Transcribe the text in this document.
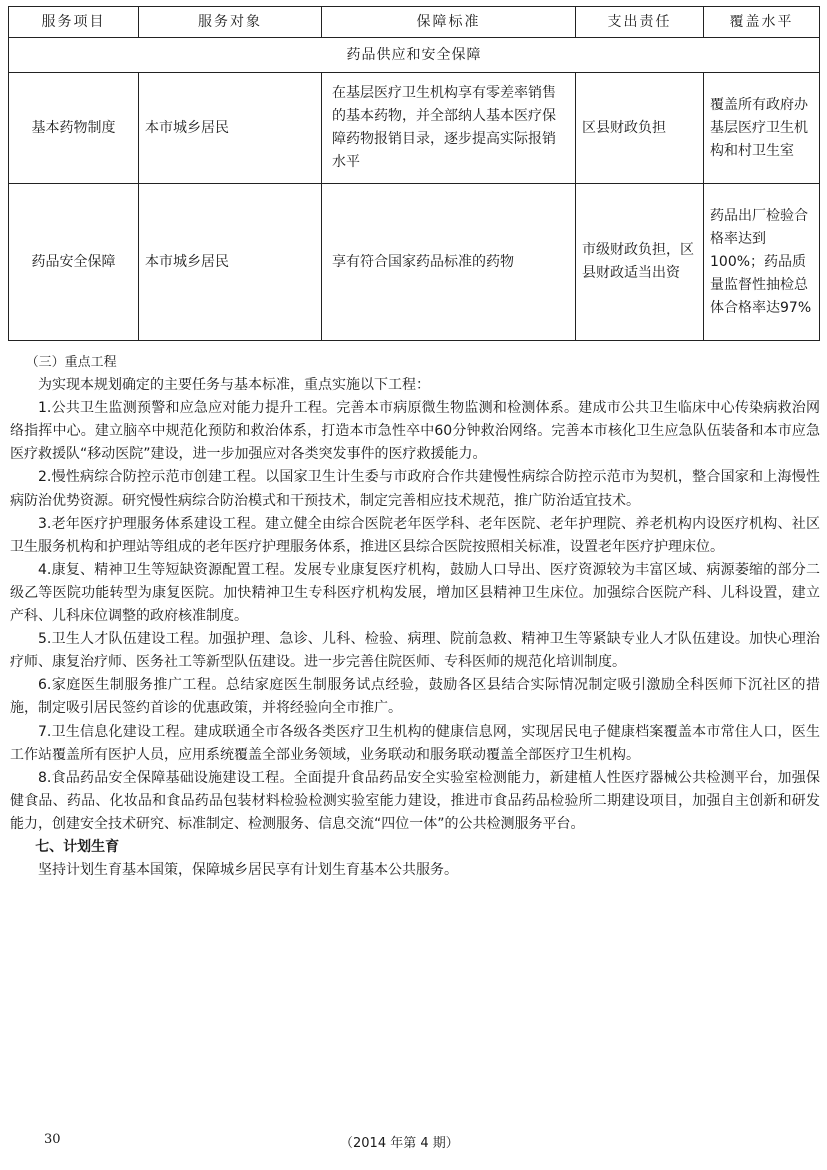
服务项目	服务对象	保障标准	支出责任	覆盖水平
药品供应和安全保障				
基本药物制度	本市城乡居民	在基层医疗卫生机构享有零差率销售的基本药物，并全部纳人基本医疗保障药物报销目录，逐步提高实际报销水平	区县财政负担	覆盖所有政府办基层医疗卫生机构和村卫生室
药品安全保障	本市城乡居民	享有符合国家药品标准的药物	市级财政负担，区县财政适当出资	药品出厂检验合格率达到100%；药品质量监督性抽检总体合格率达97%

（三）重点工程

为实现本规划确定的主要任务与基本标准，重点实施以下工程：

1.公共卫生监测预警和应急应对能力提升工程。完善本市病原微生物监测和检测体系。建成市公共卫生临床中心传染病救治网络指挥中心。建立脑卒中规范化预防和救治体系，打造本市急性卒中60分钟救治网络。完善本市核化卫生应急队伍装备和本市应急医疗救援队“移动医院”建设，进一步加强应对各类突发事件的医疗救援能力。

2.慢性病综合防控示范市创建工程。以国家卫生计生委与市政府合作共建慢性病综合防控示范市为契机，整合国家和上海慢性病防治优势资源。研究慢性病综合防治模式和干预技术，制定完善相应技术规范，推广防治适宜技术。

3.老年医疗护理服务体系建设工程。建立健全由综合医院老年医学科、老年医院、老年护理院、养老机构内设医疗机构、社区卫生服务机构和护理站等组成的老年医疗护理服务体系，推进区县综合医院按照相关标准，设置老年医疗护理床位。

4.康复、精神卫生等短缺资源配置工程。发展专业康复医疗机构，鼓励人口导出、医疗资源较为丰富区域、病源萎缩的部分二级乙等医院功能转型为康复医院。加快精神卫生专科医疗机构发展，增加区县精神卫生床位。加强综合医院产科、儿科设置，建立产科、儿科床位调整的政府核准制度。

5.卫生人才队伍建设工程。加强护理、急诊、儿科、检验、病理、院前急救、精神卫生等紧缺专业人才队伍建设。加快心理治疗师、康复治疗师、医务社工等新型队伍建设。进一步完善住院医师、专科医师的规范化培训制度。

6.家庭医生制服务推广工程。总结家庭医生制服务试点经验，鼓励各区县结合实际情况制定吸引激励全科医师下沉社区的措施，制定吸引居民签约首诊的优惠政策，并将经验向全市推广。

7.卫生信息化建设工程。建成联通全市各级各类医疗卫生机构的健康信息网，实现居民电子健康档案覆盖本市常住人口，医生工作站覆盖所有医护人员，应用系统覆盖全部业务领域，业务联动和服务联动覆盖全部医疗卫生机构。

8.食品药品安全保障基础设施建设工程。全面提升食品药品安全实验室检测能力，新建植人性医疗器械公共检测平台，加强保健食品、药品、化妆品和食品药品包装材料检验检测实验室能力建设，推进市食品药品检验所二期建设项目，加强自主创新和研发能力，创建安全技术研究、标准制定、检测服务、信息交流“四位一体”的公共检测服务平台。

七、计划生育

坚持计划生育基本国策，保障城乡居民享有计划生育基本公共服务。

30	（2014 年第 4 期）
